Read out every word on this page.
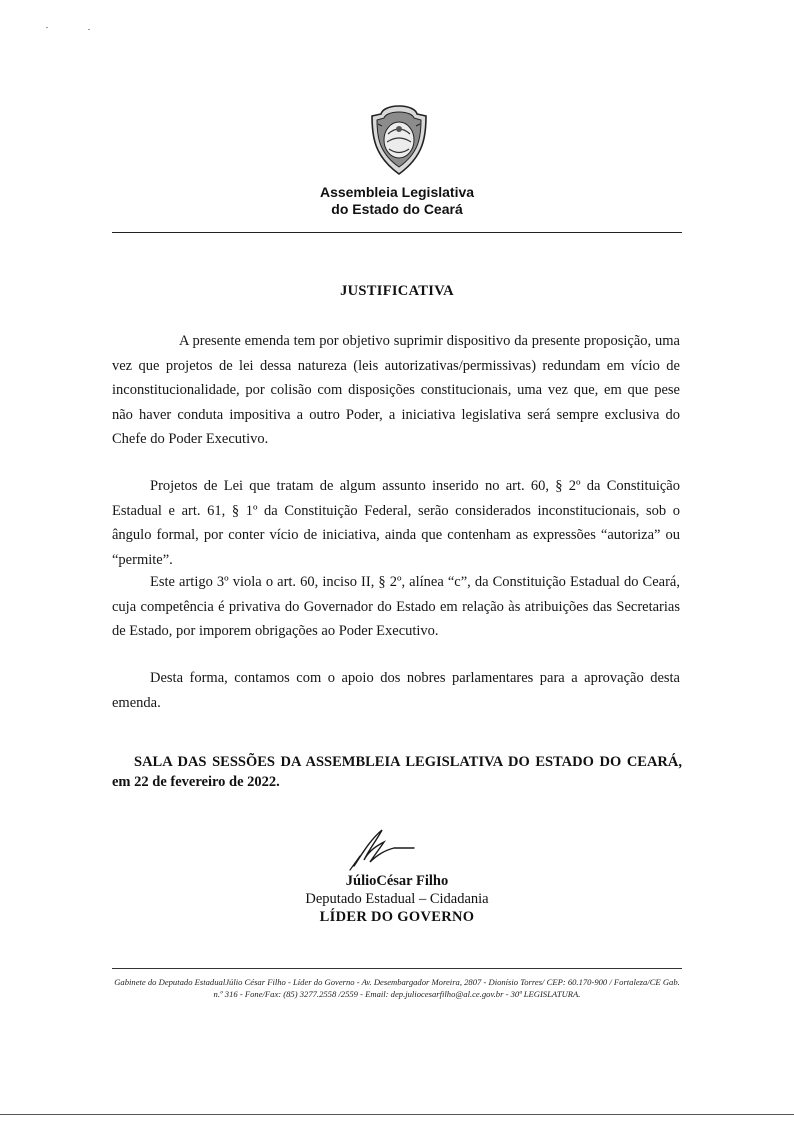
Assembleia Legislativa
do Estado do Ceará
JUSTIFICATIVA

A presente emenda tem por objetivo suprimir dispositivo da presente proposição, uma vez que projetos de lei dessa natureza (leis autorizativas/permissivas) redundam em vício de inconstitucionalidade, por colisão com disposições constitucionais, uma vez que, em que pese não haver conduta impositiva a outro Poder, a iniciativa legislativa será sempre exclusiva do Chefe do Poder Executivo.

Projetos de Lei que tratam de algum assunto inserido no art. 60, § 2º da Constituição Estadual e art. 61, § 1º da Constituição Federal, serão considerados inconstitucionais, sob o ângulo formal, por conter vício de iniciativa, ainda que contenham as expressões “autoriza” ou “permite”.

Este artigo 3º viola o art. 60, inciso II, § 2º, alínea “c”, da Constituição Estadual do Ceará, cuja competência é privativa do Governador do Estado em relação às atribuições das Secretarias de Estado, por imporem obrigações ao Poder Executivo.

Desta forma, contamos com o apoio dos nobres parlamentares para a aprovação desta emenda.

SALA DAS SESSÕES DA ASSEMBLEIA LEGISLATIVA DO ESTADO DO CEARÁ, em 22 de fevereiro de 2022.

JúlioCésar Filho
Deputado Estadual – Cidadania
LÍDER DO GOVERNO

Gabinete do Deputado EstadualJúlio César Filho - Líder do Governo - Av. Desembargador Moreira, 2807 - Dionísio Torres/ CEP: 60.170-900 / Fortaleza/CE Gab. n.º 316 - Fone/Fax: (85) 3277.2558 /2559 - Email: dep.juliocesarfilho@al.ce.gov.br - 30ª LEGISLATURA.
